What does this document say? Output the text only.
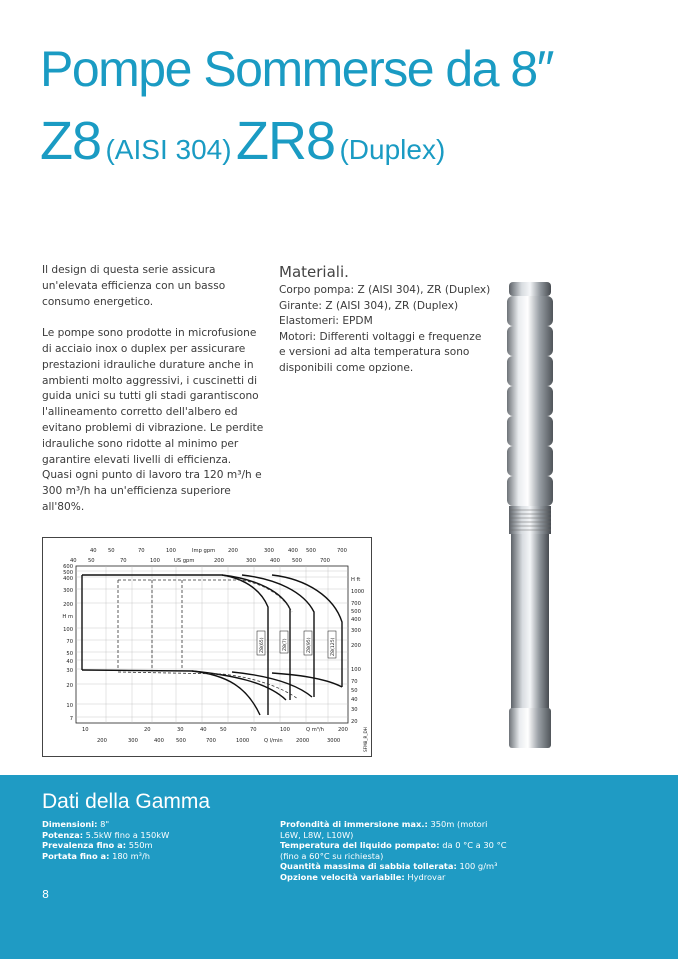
Pompe Sommerse da 8″
Z8 (AISI 304) ZR8 (Duplex)

Il design di questa serie assicura un'elevata efficienza con un basso consumo energetico.

Le pompe sono prodotte in microfusione di acciaio inox o duplex per assicurare prestazioni idrauliche durature anche in ambienti molto aggressivi, i cuscinetti di guida unici su tutti gli stadi garantiscono l'allineamento corretto dell'albero ed evitano problemi di vibrazione. Le perdite idrauliche sono ridotte al minimo per garantire elevati livelli di efficienza. Quasi ogni punto di lavoro tra 120 m³/h e 300 m³/h ha un'efficienza superiore all'80%.

Materiali.
Corpo pompa: Z (AISI 304), ZR (Duplex)
Girante: Z (AISI 304), ZR (Duplex)
Elastomeri: EPDM
Motori: Differenti voltaggi e frequenze
e versioni ad alta temperatura sono
disponibili come opzione.
40 50	70	100	Imp gpm 200	300	400 500	700
40 50	70	100	US gpm	200	300	400 500	700
600
500
400
300
200
H m
100
70
50
40
30
20
10
7
H ft
1000
700
500
400
300
200
100
70
50
40
30
20
10	20	30	40	50	70	100	Q m³/h	200
200	300	400 500	700	1000	Q l/min	2000	3000
Z8(65)	Z8(7)	Z8(95)	Z8(125)
SFM8_R_DH
Dati della Gamma
Dimensioni: 8"
Potenza: 5.5kW fino a 150kW
Prevalenza fino a: 550m
Portata fino a: 180 m³/h
Profondità di immersione max.: 350m (motori L6W, L8W, L10W)
Temperatura del liquido pompato: da 0 °C a 30 °C (fino a 60°C su richiesta)
Quantità massima di sabbia tollerata: 100 g/m³
Opzione velocità variabile: Hydrovar
8
